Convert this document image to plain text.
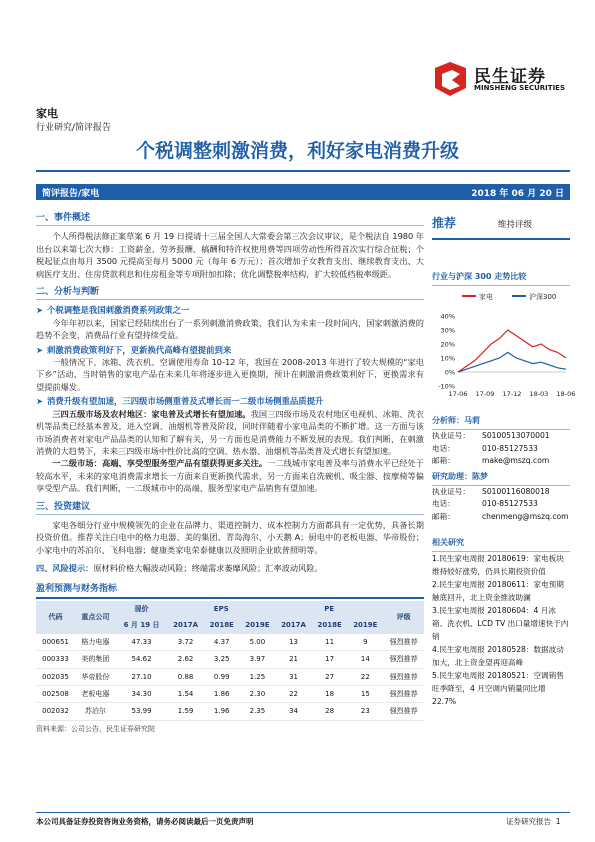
民生证券
MINSHENG SECURITIES
家电
行业研究/简评报告
个税调整刺激消费，利好家电消费升级
简评报告/家电	2018 年 06 月 20 日
一、事件概述
个人所得税法修正案草案 6 月 19 日提请十三届全国人大常委会第三次会议审议，是个税法自 1980 年出台以来第七次大修：工资薪金、劳务报酬、稿酬和特许权使用费等四项劳动性所得首次实行综合征税；个税起征点由每月 3500 元提高至每月 5000 元（每年 6 万元）；首次增加子女教育支出、继续教育支出、大病医疗支出、住房贷款利息和住房租金等专项附加扣除；优化调整税率结构，扩大较低档税率级距。
二、分析与判断
➤ 个税调整是我国刺激消费系列政策之一
今年年初以来，国家已经陆续出台了一系列刺激消费政策，我们认为未来一段时间内，国家刺激消费的趋势不会变，消费品行业有望持续受益。
➤ 刺激消费政策利好下，更新换代高峰有望提前到来
一般情况下，冰箱、洗衣机、空调使用寿命 10-12 年，我国在 2008-2013 年进行了较大规模的“家电下乡”活动，当时销售的家电产品在未来几年将逐步进入更换期，预计在刺激消费政策利好下，更换需求有望提前爆发。
➤ 消费升级有望加速，三四级市场侧重普及式增长而一二级市场侧重品质提升
三四五级市场及农村地区：家电普及式增长有望加速。我国三四级市场及农村地区电视机、冰箱、洗衣机等品类已经基本普及，进入空调、油烟机等普及阶段，同时伴随着小家电品类的不断扩增。这一方面与该市场消费者对家电产品品类的认知和了解有关，另一方面也是消费能力不断发展的表现。我们判断，在刺激消费的大趋势下，未来三四级市场中性价比高的空调、热水器、油烟机等品类普及式增长有望加速。
一二级市场：高端、享受型服务型产品有望获得更多关注。一二线城市家电普及率与消费水平已经处于较高水平，未来的家电消费需求增长一方面来自更新换代需求，另一方面来自洗碗机、吸尘器、按摩椅等偏享受型产品。我们判断，一二级城市中的高端、服务型家电产品销售有望加速。
三、投资建议
家电各细分行业中规模领先的企业在品牌力、渠道控制力、成本控制力方面都具有一定优势，具备长期投资价值。推荐关注白电中的格力电器、美的集团、青岛海尔、小天鹅 A；厨电中的老板电器、华帝股份；小家电中的苏泊尔、飞科电器；健康类家电荣泰健康以及照明企业欧普照明等。
四、风险提示：原材料价格大幅波动风险；终端需求萎靡风险；汇率波动风险。
盈利预测与财务指标
代码	重点公司	现价	EPS			PE			评级
		6 月 19 日	2017A	2018E	2019E	2017A	2018E	2019E	
000651	格力电器	47.33	3.72	4.37	5.00	13	11	9	强烈推荐
000333	美的集团	54.62	2.62	3.25	3.97	21	17	14	强烈推荐
002035	华帝股份	27.10	0.88	0.99	1.25	31	27	22	强烈推荐
002508	老板电器	34.30	1.54	1.86	2.30	22	18	15	强烈推荐
002032	苏泊尔	53.99	1.59	1.96	2.35	34	28	23	强烈推荐
资料来源：公司公告，民生证券研究院
推荐	维持评级
行业与沪深 300 走势比较
家电	沪深300
40%
30%
20%
10%
0%
-10%
17-06 17-09 17-12 18-03 18-06
分析师：马莉
执业证号：	S0100513070001
电话：	010-85127533
邮箱：	make@mszq.com
研究助理：陈梦
执业证号：	S0100116080018
电话：	010-85127533
邮箱：	chenmeng@mszq.com
相关研究
1.民生家电周报 20180619：家电板块维持较好涨势，仍具长期投资价值
2.民生家电周报 20180611：家电预期触底回升，北上资金推波助澜
3.民生家电周报 20180604：4 月冰箱、洗衣机、LCD TV 出口量增速快于内销
4.民生家电周报 20180528：数据波动加大，北上资金望再迎高峰
5.民生家电周报 20180521：空调销售旺季降至，4 月空调内销量同比增 22.7%
本公司具备证券投资咨询业务资格，请务必阅读最后一页免责声明	证券研究报告 1
